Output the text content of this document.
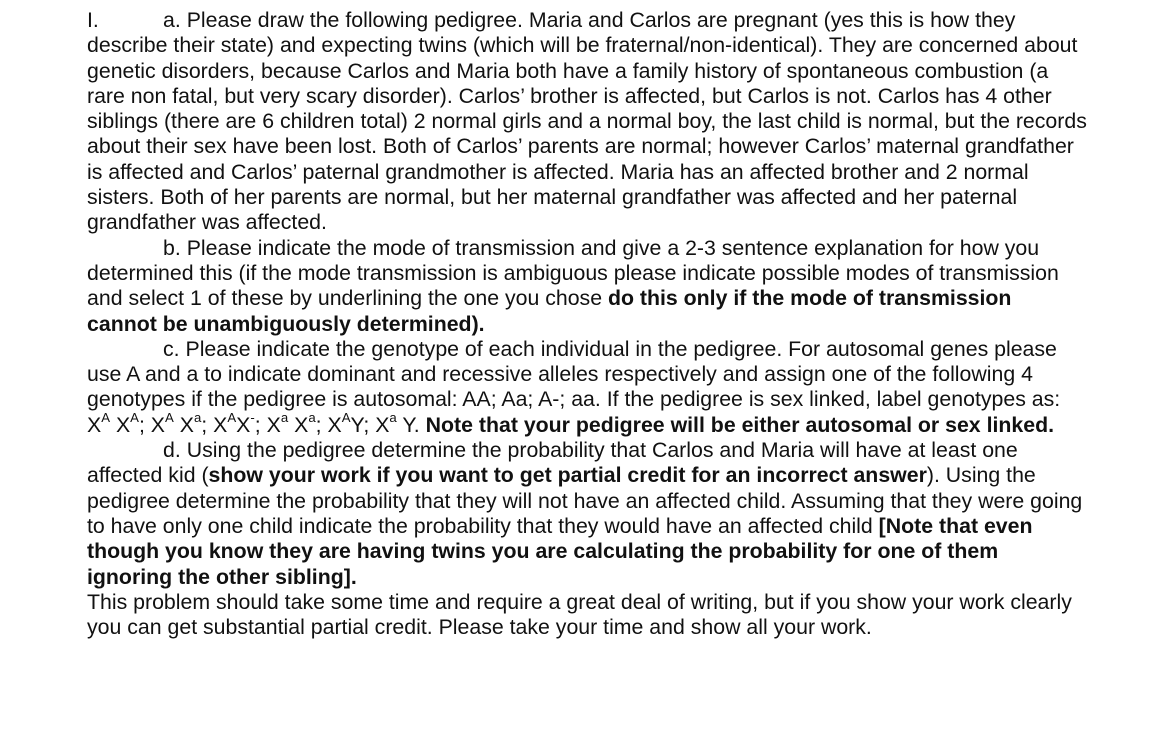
I.	a. Please draw the following pedigree. Maria and Carlos are pregnant (yes this is how they describe their state) and expecting twins (which will be fraternal/non-identical). They are concerned about genetic disorders, because Carlos and Maria both have a family history of spontaneous combustion (a rare non fatal, but very scary disorder). Carlos’ brother is affected, but Carlos is not. Carlos has 4 other siblings (there are 6 children total) 2 normal girls and a normal boy, the last child is normal, but the records about their sex have been lost. Both of Carlos’ parents are normal; however Carlos’ maternal grandfather is affected and Carlos’ paternal grandmother is affected. Maria has an affected brother and 2 normal sisters. Both of her parents are normal, but her maternal grandfather was affected and her paternal grandfather was affected.

b. Please indicate the mode of transmission and give a 2-3 sentence explanation for how you determined this (if the mode transmission is ambiguous please indicate possible modes of transmission and select 1 of these by underlining the one you chose do this only if the mode of transmission cannot be unambiguously determined).

c. Please indicate the genotype of each individual in the pedigree. For autosomal genes please use A and a to indicate dominant and recessive alleles respectively and assign one of the following 4 genotypes if the pedigree is autosomal: AA; Aa; A-; aa. If the pedigree is sex linked, label genotypes as: $X^A$ $X^A$; $X^A$ $X^a$; $X^AX^-$; $X^a$ $X^a$; $X^AY$; $X^a$ Y. Note that your pedigree will be either autosomal or sex linked.

d. Using the pedigree determine the probability that Carlos and Maria will have at least one affected kid (show your work if you want to get partial credit for an incorrect answer). Using the pedigree determine the probability that they will not have an affected child. Assuming that they were going to have only one child indicate the probability that they would have an affected child [Note that even though you know they are having twins you are calculating the probability for one of them ignoring the other sibling].

This problem should take some time and require a great deal of writing, but if you show your work clearly you can get substantial partial credit. Please take your time and show all your work.
